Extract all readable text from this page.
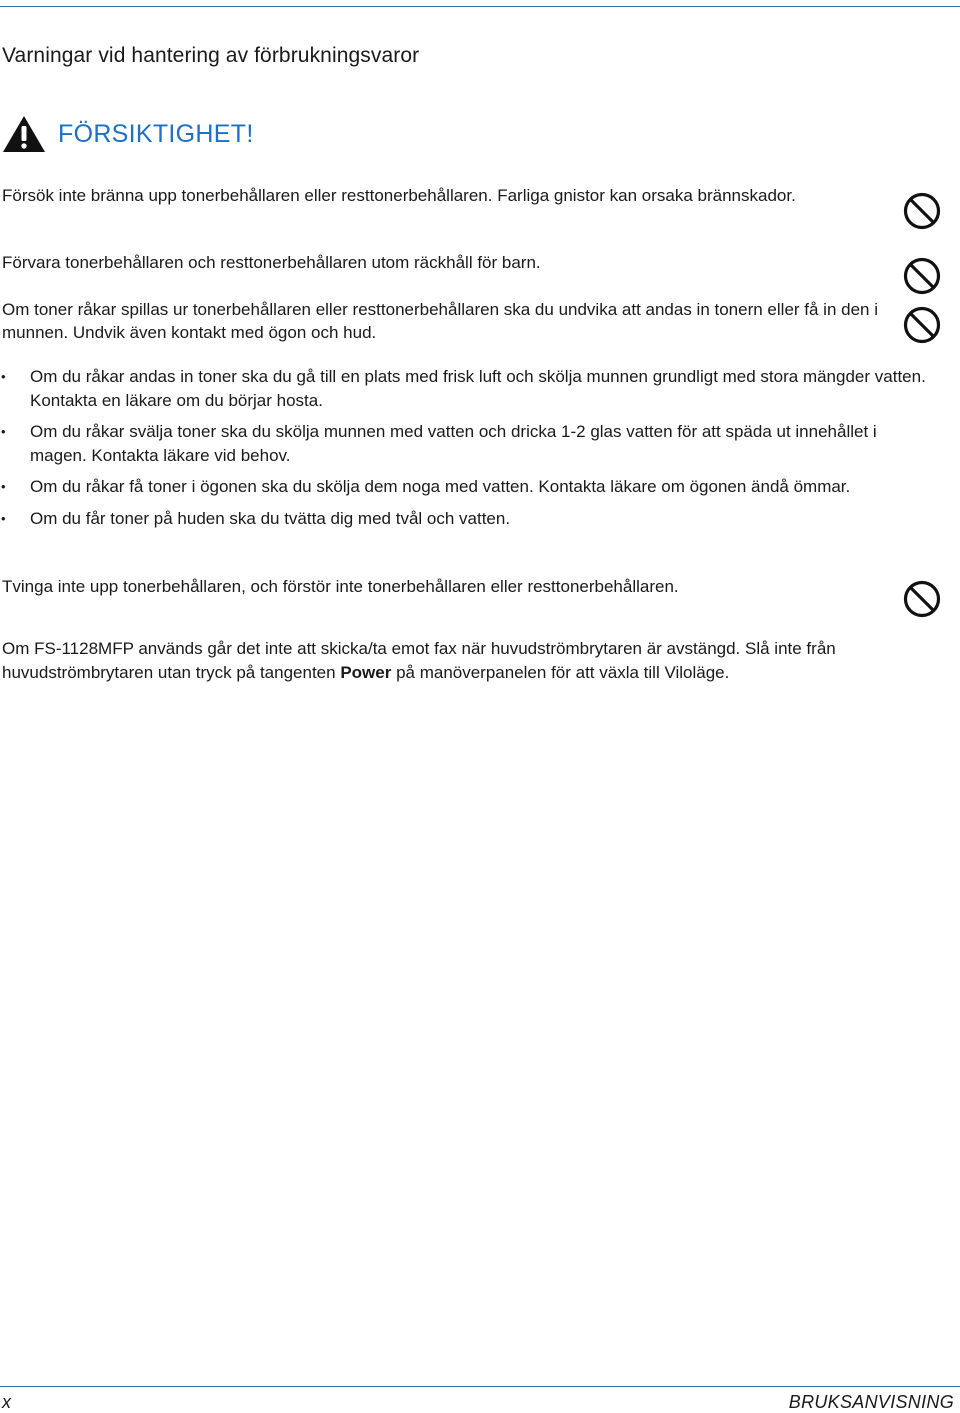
Varningar vid hantering av förbrukningsvaror
FÖRSIKTIGHET!
Försök inte bränna upp tonerbehållaren eller resttonerbehållaren. Farliga gnistor kan orsaka brännskador.
Förvara tonerbehållaren och resttonerbehållaren utom räckhåll för barn.
Om toner råkar spillas ur tonerbehållaren eller resttonerbehållaren ska du undvika att andas in tonern eller få in den i munnen. Undvik även kontakt med ögon och hud.
• Om du råkar andas in toner ska du gå till en plats med frisk luft och skölja munnen grundligt med stora mängder vatten. Kontakta en läkare om du börjar hosta.
• Om du råkar svälja toner ska du skölja munnen med vatten och dricka 1-2 glas vatten för att späda ut innehållet i magen. Kontakta läkare vid behov.
• Om du råkar få toner i ögonen ska du skölja dem noga med vatten. Kontakta läkare om ögonen ändå ömmar.
• Om du får toner på huden ska du tvätta dig med tvål och vatten.
Tvinga inte upp tonerbehållaren, och förstör inte tonerbehållaren eller resttonerbehållaren.
Om FS-1128MFP används går det inte att skicka/ta emot fax när huvudströmbrytaren är avstängd. Slå inte från huvudströmbrytaren utan tryck på tangenten Power på manöverpanelen för att växla till Viloläge.
x	BRUKSANVISNING
